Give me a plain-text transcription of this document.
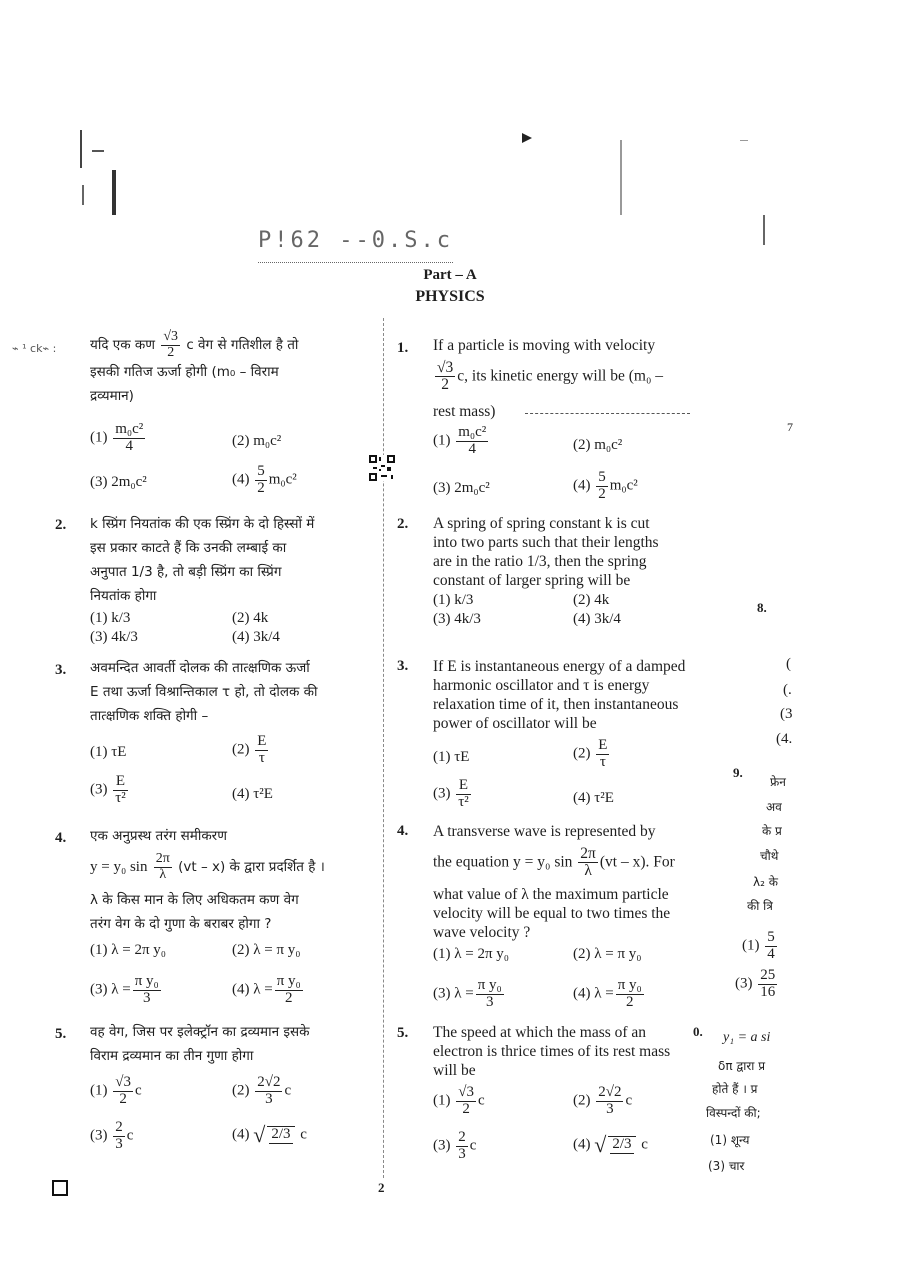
P!62 --0.S.c
Part – A
PHYSICS
⌁ ¹ ck⌁ ꞉ यदि एक कण $\frac{√3}{2}$ c वेग से गतिशील है तो
इसकी गतिज ऊर्जा होगी (m₀ – विराम
द्रव्यमान)
$(1) \frac{\text{m₀c²}}{4}$	(2) m₀c²
(3) 2m₀c²	$(4) \frac{5}{2} m_0c^2$
2. k स्प्रिंग नियतांक की एक स्प्रिंग के दो हिस्सों में
इस प्रकार काटते हैं कि उनकी लम्बाई का
अनुपात 1/3 है, तो बड़ी स्प्रिंग का स्प्रिंग
नियतांक होगा
(1) k/3	(2) 4k
(3) 4k/3	(4) 3k/4
3. अवमन्दित आवर्ती दोलक की तात्क्षणिक ऊर्जा
E तथा ऊर्जा विश्रान्तिकाल τ हो, तो दोलक की
तात्क्षणिक शक्ति होगी –
(1) τE	$(2) \frac{E}{\tau}$
$(3) \frac{E}{\text{τ²}}$	(4) τ²E
4. एक अनुप्रस्थ तरंग समीकरण
y = y₀ $\sin \frac{2\pi}{\lambda} (vt - x)$ के द्वारा प्रदर्शित है ।
λ के किस मान के लिए अधिकतम कण वेग
तरंग वेग के दो गुणा के बराबर होगा ?
(1) λ = 2π y₀	(2) λ = π y₀
(3) $\lambda = \frac{\text{π y₀}}{3}$	(4) $\lambda = \frac{\text{π y₀}}{2}$
5. वह वेग, जिस पर इलेक्ट्रॉन का द्रव्यमान इसके
विराम द्रव्यमान का तीन गुणा होगा
$(1) \frac{√3}{2}$ c	$(2) \frac{2√2}{3}$ c
$(3) \frac{2}{3}$ c	(4) √ 2/3 c
1. If a particle is moving with velocity
$\frac{√3}{2} c$, its kinetic energy will be (m₀ –
rest mass)
$(1) \frac{\text{m₀c²}}{4}$	(2) m₀c²
(3) 2m₀c²	$(4) \frac{5}{2} m_0c^2$
2. A spring of spring constant k is cut
into two parts such that their lengths
are in the ratio 1/3, then the spring
constant of larger spring will be
(1) k/3	(2) 4k
(3) 4k/3	(4) 3k/4
3. If E is instantaneous energy of a damped
harmonic oscillator and τ is energy
relaxation time of it, then instantaneous
power of oscillator will be
(1) τE	$(2) \frac{E}{\tau}$
$(3) \frac{E}{\text{τ²}}$	(4) τ²E
4. A transverse wave is represented by
the equation y = y₀ $\sin \frac{2\pi}{\lambda} (vt - x)$. For
what value of λ the maximum particle
velocity will be equal to two times the
wave velocity ?
(1) λ = 2π y₀	(2) λ = π y₀
(3) $\lambda = \frac{\text{π y₀}}{3}$	(4) $\lambda = \frac{\text{π y₀}}{2}$
5. The speed at which the mass of an
electron is thrice times of its rest mass
will be
$(1) \frac{√3}{2}$ c	$(2) \frac{2√2}{3}$ c
$(3) \frac{2}{3}$ c	(4) √ 2/3 c
7
8.
(
(.
(3
(4.
9.
फ्रेन
अव
के प्र
चौथे
λ₂ के
की त्रि
$(1) \frac{5}{4}$
$(3) \frac{25}{16}$
0. y₁ = a si
δπ द्वारा प्र
होते हैं । प्र
विस्पन्दों की;
(1) शून्य
(3) चार
2
